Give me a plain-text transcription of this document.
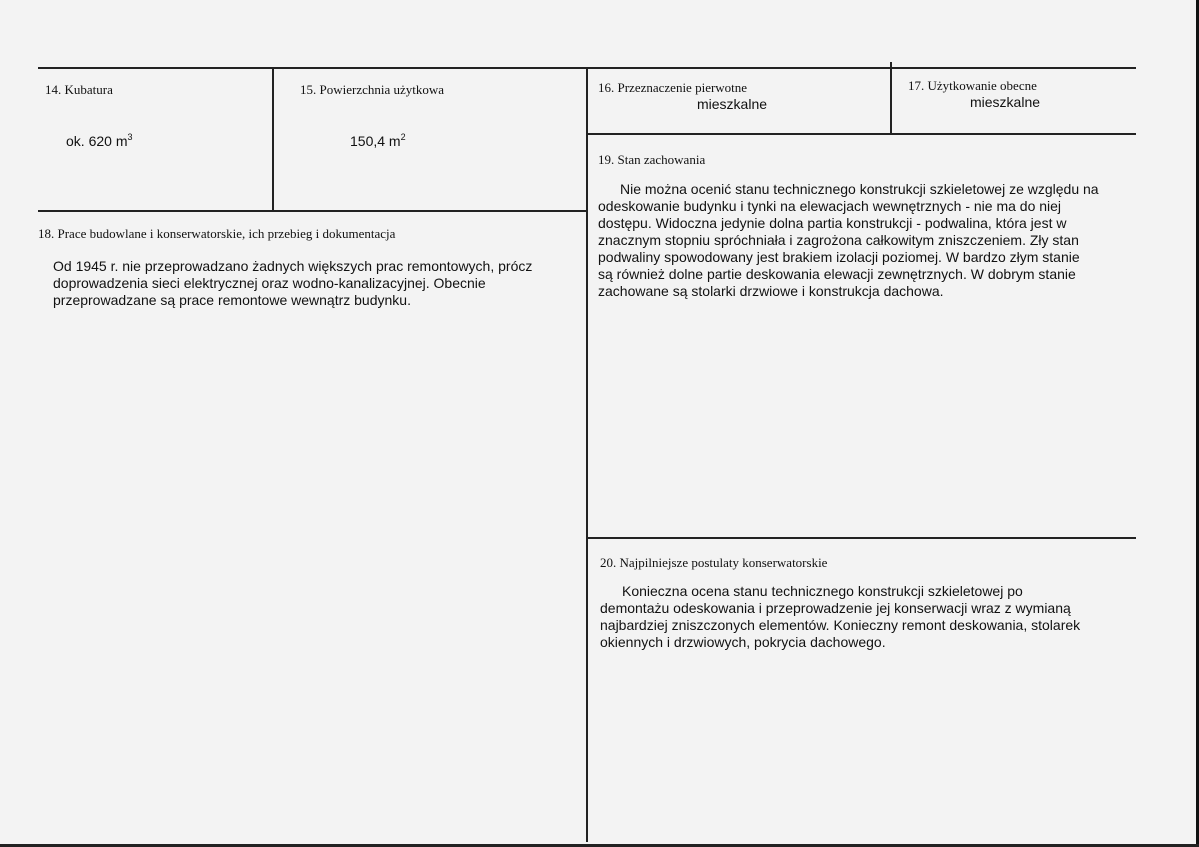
14. Kubatura
ok. 620 $m^3$
15. Powierzchnia użytkowa
150,4 $m^2$
16. Przeznaczenie pierwotne
mieszkalne
17. Użytkowanie obecne
mieszkalne
18. Prace budowlane i konserwatorskie, ich przebieg i dokumentacja

Od 1945 r. nie przeprowadzano żadnych większych prac remontowych, prócz

doprowadzenia sieci elektrycznej oraz wodno-kanalizacyjnej. Obecnie

przeprowadzane są prace remontowe wewnątrz budynku.

19. Stan zachowania

Nie można ocenić stanu technicznego konstrukcji szkieletowej ze względu na

odeskowanie budynku i tynki na elewacjach wewnętrznych - nie ma do niej

dostępu. Widoczna jedynie dolna partia konstrukcji - podwalina, która jest w

znacznym stopniu spróchniała i zagrożona całkowitym zniszczeniem. Zły stan

podwaliny spowodowany jest brakiem izolacji poziomej. W bardzo złym stanie

są również dolne partie deskowania elewacji zewnętrznych. W dobrym stanie

zachowane są stolarki drzwiowe i konstrukcja dachowa.

20. Najpilniejsze postulaty konserwatorskie

Konieczna ocena stanu technicznego konstrukcji szkieletowej po

demontażu odeskowania i przeprowadzenie jej konserwacji wraz z wymianą

najbardziej zniszczonych elementów. Konieczny remont deskowania, stolarek

okiennych i drzwiowych, pokrycia dachowego.
